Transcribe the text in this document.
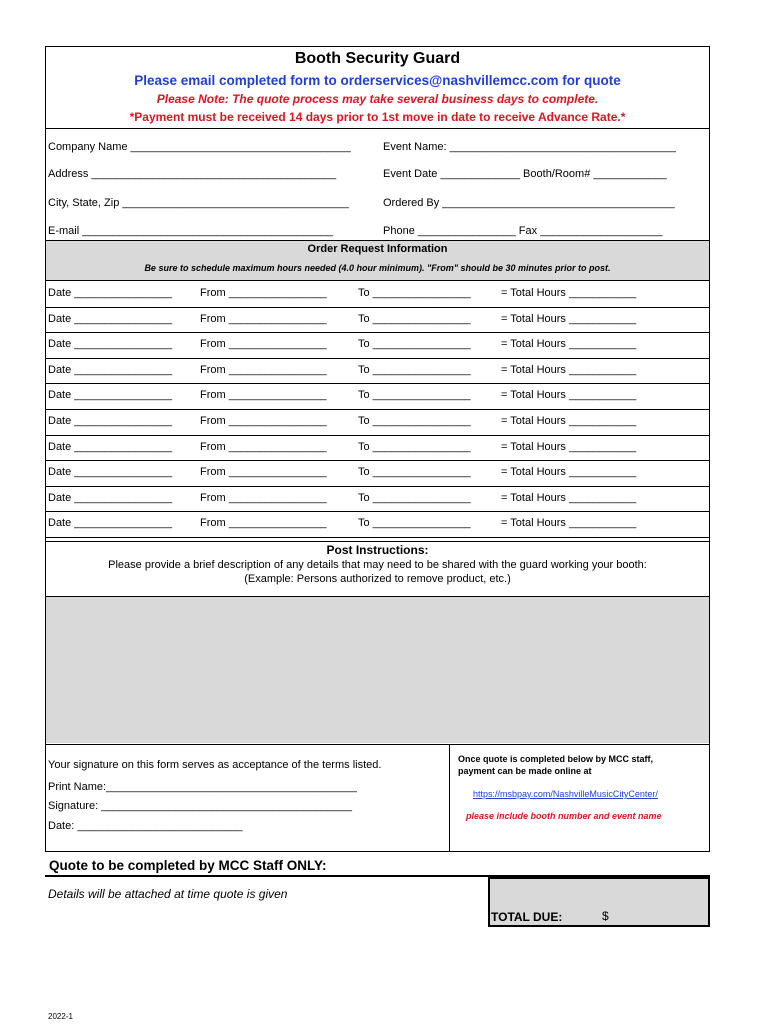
Booth Security Guard
Please email completed form to orderservices@nashvillemcc.com for quote
Please Note: The quote process may take several business days to complete.
*Payment must be received 14 days prior to 1st move in date to receive Advance Rate.*
Company Name ____________________________________	Event Name: _____________________________________
Address ________________________________________	Event Date _____________ Booth/Room# ____________
City, State, Zip _____________________________________	Ordered By ______________________________________
E-mail _________________________________________	Phone ________________ Fax ____________________
Order Request Information
Be sure to schedule maximum hours needed (4.0 hour minimum). "From" should be 30 minutes prior to post.
Date ________________	From ________________	To ________________	= Total Hours ___________
Date ________________	From ________________	To ________________	= Total Hours ___________
Date ________________	From ________________	To ________________	= Total Hours ___________
Date ________________	From ________________	To ________________	= Total Hours ___________
Date ________________	From ________________	To ________________	= Total Hours ___________
Date ________________	From ________________	To ________________	= Total Hours ___________
Date ________________	From ________________	To ________________	= Total Hours ___________
Date ________________	From ________________	To ________________	= Total Hours ___________
Date ________________	From ________________	To ________________	= Total Hours ___________
Date ________________	From ________________	To ________________	= Total Hours ___________
Post Instructions:
Please provide a brief description of any details that may need to be shared with the guard working your booth:
(Example: Persons authorized to remove product, etc.)
Your signature on this form serves as acceptance of the terms listed.
Print Name:_________________________________________
Signature: _________________________________________
Date: ___________________________
Once quote is completed below by MCC staff,
payment can be made online at
https://msbpay.com/NashvilleMusicCityCenter/
please include booth number and event name
Quote to be completed by MCC Staff ONLY:
Details will be attached at time quote is given
TOTAL DUE:	$
2022-1
